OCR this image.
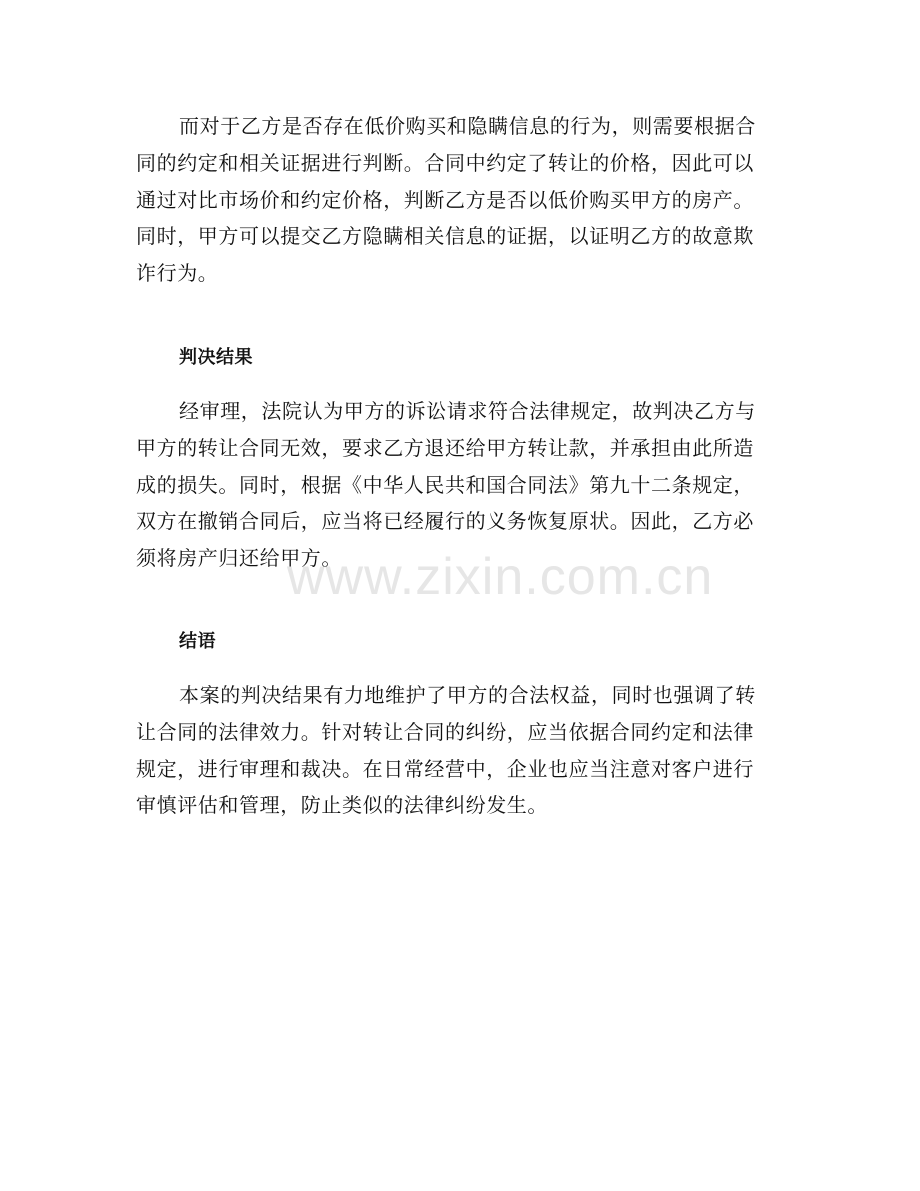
而对于乙方是否存在低价购买和隐瞒信息的行为，则需要根据合
同的约定和相关证据进行判断。合同中约定了转让的价格，因此可以
通过对比市场价和约定价格，判断乙方是否以低价购买甲方的房产。
同时，甲方可以提交乙方隐瞒相关信息的证据，以证明乙方的故意欺
诈行为。
判决结果
经审理，法院认为甲方的诉讼请求符合法律规定，故判决乙方与
甲方的转让合同无效，要求乙方退还给甲方转让款，并承担由此所造
成的损失。同时，根据《中华人民共和国合同法》第九十二条规定，
双方在撤销合同后，应当将已经履行的义务恢复原状。因此，乙方必
须将房产归还给甲方。
结语
本案的判决结果有力地维护了甲方的合法权益，同时也强调了转
让合同的法律效力。针对转让合同的纠纷，应当依据合同约定和法律
规定，进行审理和裁决。在日常经营中，企业也应当注意对客户进行
审慎评估和管理，防止类似的法律纠纷发生。
www.zixin.com.cn
